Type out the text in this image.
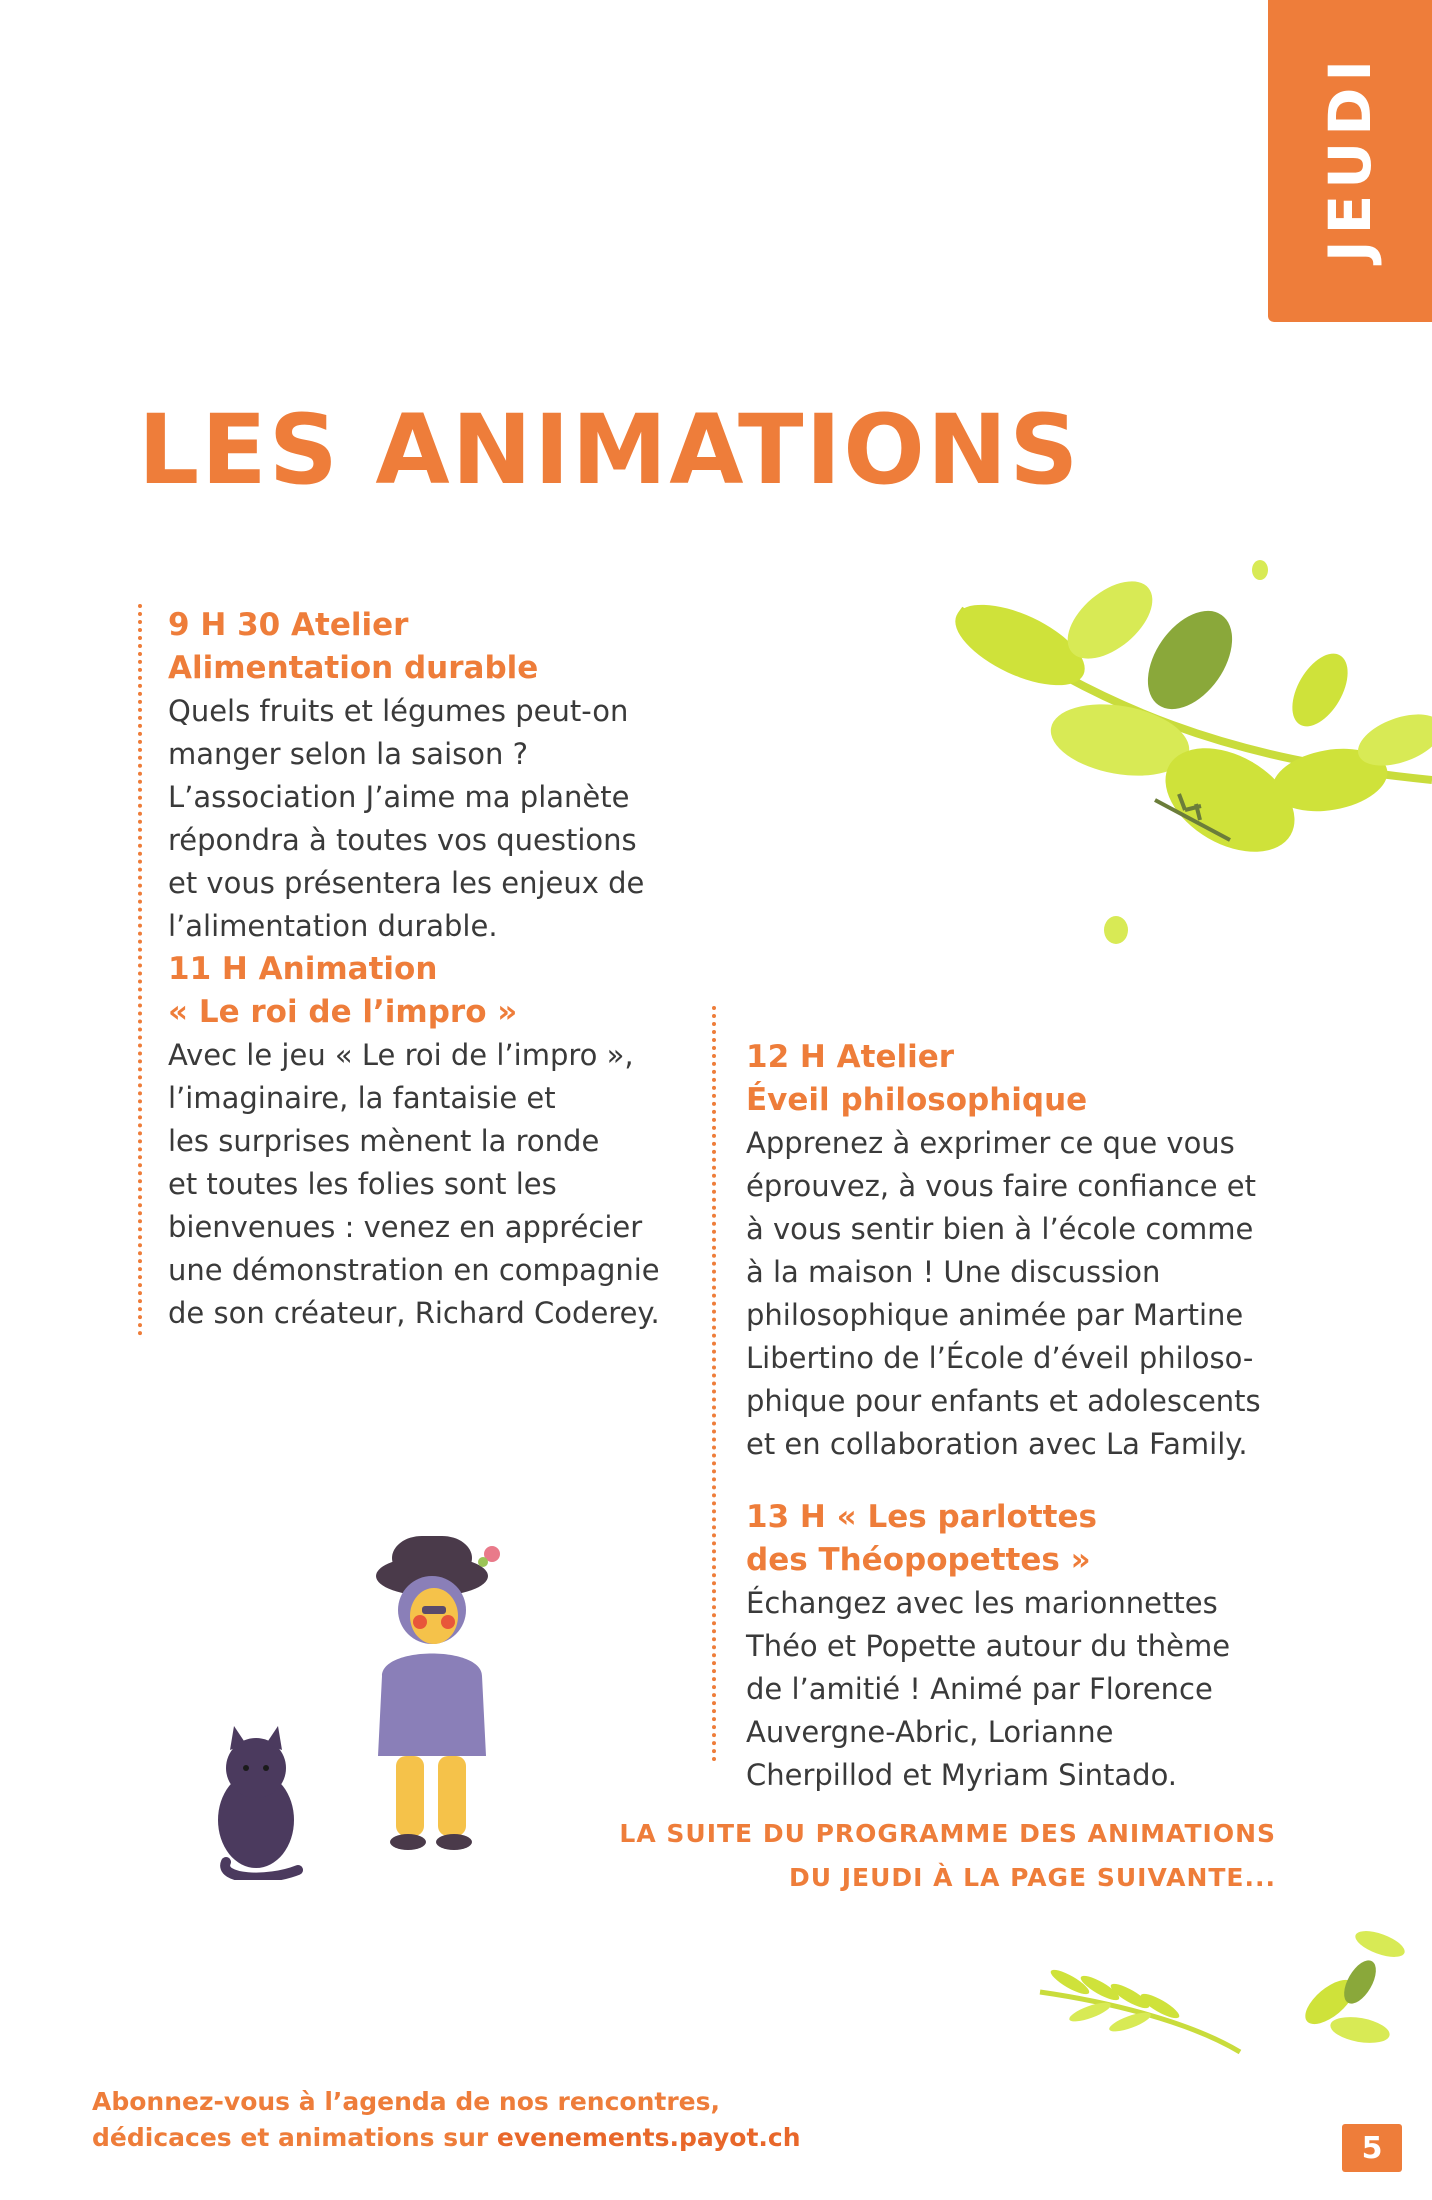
JEUDI
LES ANIMATIONS
9 H 30 Atelier
Alimentation durable
Quels fruits et légumes peut-on
manger selon la saison ?
L’association J’aime ma planète
répondra à toutes vos questions
et vous présentera les enjeux de
l’alimentation durable.
11 H Animation
« Le roi de l’impro »
Avec le jeu « Le roi de l’impro »,
l’imaginaire, la fantaisie et
les surprises mènent la ronde
et toutes les folies sont les
bienvenues : venez en apprécier
une démonstration en compagnie
de son créateur, Richard Coderey.
12 H Atelier
Éveil philosophique
Apprenez à exprimer ce que vous
éprouvez, à vous faire confiance et
à vous sentir bien à l’école comme
à la maison ! Une discussion
philosophique animée par Martine
Libertino de l’École d’éveil philoso-
phique pour enfants et adolescents
et en collaboration avec La Family.
13 H « Les parlottes
des Théopopettes »
Échangez avec les marionnettes
Théo et Popette autour du thème
de l’amitié ! Animé par Florence
Auvergne-Abric, Lorianne
Cherpillod et Myriam Sintado.
LA SUITE DU PROGRAMME DES ANIMATIONS
DU JEUDI À LA PAGE SUIVANTE...
Abonnez-vous à l’agenda de nos rencontres,
dédicaces et animations sur evenements.payot.ch	5
